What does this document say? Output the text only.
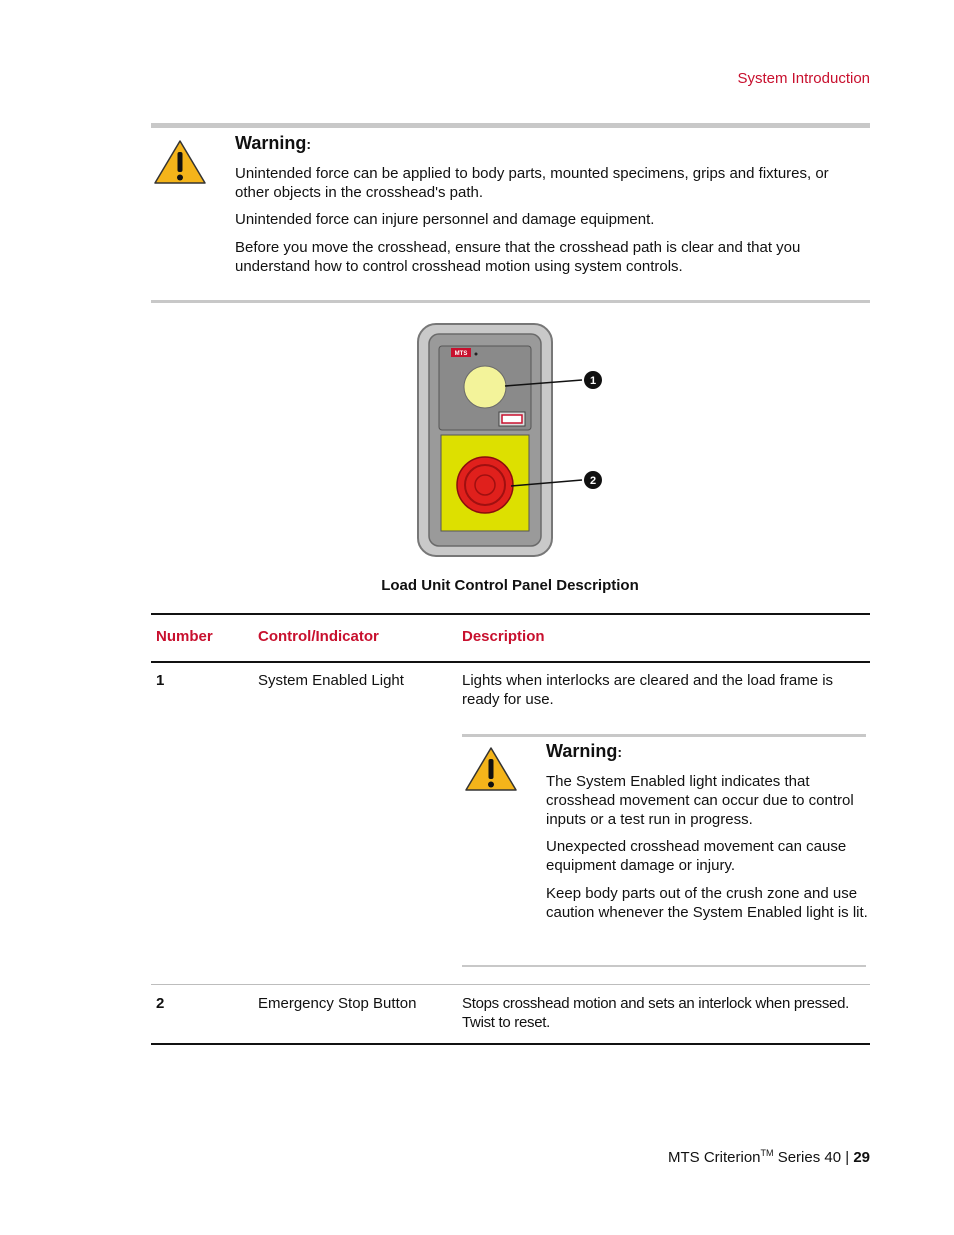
System Introduction
Warning:
Unintended force can be applied to body parts, mounted specimens, grips and fixtures, or other objects in the crosshead's path.
Unintended force can injure personnel and damage equipment.
Before you move the crosshead, ensure that the crosshead path is clear and that you understand how to control crosshead motion using system controls.
MTS
1
2
Load Unit Control Panel Description
Number	Control/Indicator	Description
1	System Enabled Light	Lights when interlocks are cleared and the load frame is ready for use.
Warning:
The System Enabled light indicates that crosshead movement can occur due to control inputs or a test run in progress.
Unexpected crosshead movement can cause equipment damage or injury.
Keep body parts out of the crush zone and use caution whenever the System Enabled light is lit.
2	Emergency Stop Button	Stops crosshead motion and sets an interlock when pressed. Twist to reset.
MTS Criterion™ Series 40 | 29
